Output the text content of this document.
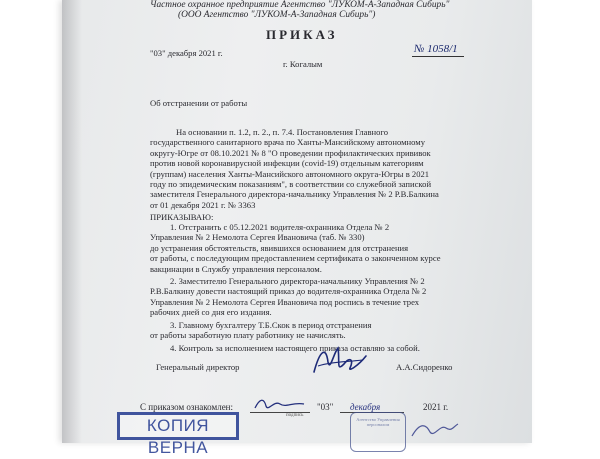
Частное охранное предприятие Агентство "ЛУКОМ-А-Западная Сибирь"
(ООО Агентство "ЛУКОМ-А-Западная Сибирь")
ПРИКАЗ
"03" декабря 2021 г.	№ 1058/1
г. Когалым
Об отстранении от работы
На основании п. 1.2, п. 2., п. 7.4. Постановления Главного
государственного санитарного врача по Ханты-Мансийскому автономному
округу-Югре от 08.10.2021 № 8 "О проведении профилактических прививок
против новой коронавирусной инфекции (covid-19) отдельным категориям
(группам) населения Ханты-Мансийского автономного округа-Югры в 2021
году по эпидемическим показаниям", в соответствии со служебной запиской
заместителя Генерального директора-начальнику Управления № 2 Р.В.Балкина
от 01 декабря 2021 г. № 3363
ПРИКАЗЫВАЮ:
1. Отстранить с 05.12.2021 водителя-охранника Отдела № 2
Управления № 2 Немолота Сергея Ивановича (таб. № 330)
до устранения обстоятельств, явившихся основанием для отстранения
от работы, с последующим предоставлением сертификата о законченном курсе
вакцинации в Службу управления персоналом.
2. Заместителю Генерального директора-начальнику Управления № 2
Р.В.Балкину довести настоящий приказ до водителя-охранника Отдела № 2
Управления № 2 Немолота Сергея Ивановича под роспись в течение трех
рабочих дней со дня его издания.
3. Главному бухгалтеру Т.Б.Скок в период отстранения
от работы заработную плату работнику не начислять.
4. Контроль за исполнением настоящего приказа оставляю за собой.
Генеральный директор	А.А.Сидоренко
С приказом ознакомлен:
подпись
"03" декабря	2021 г.
КОПИЯ ВЕРНА
Агентство Управления персоналом
